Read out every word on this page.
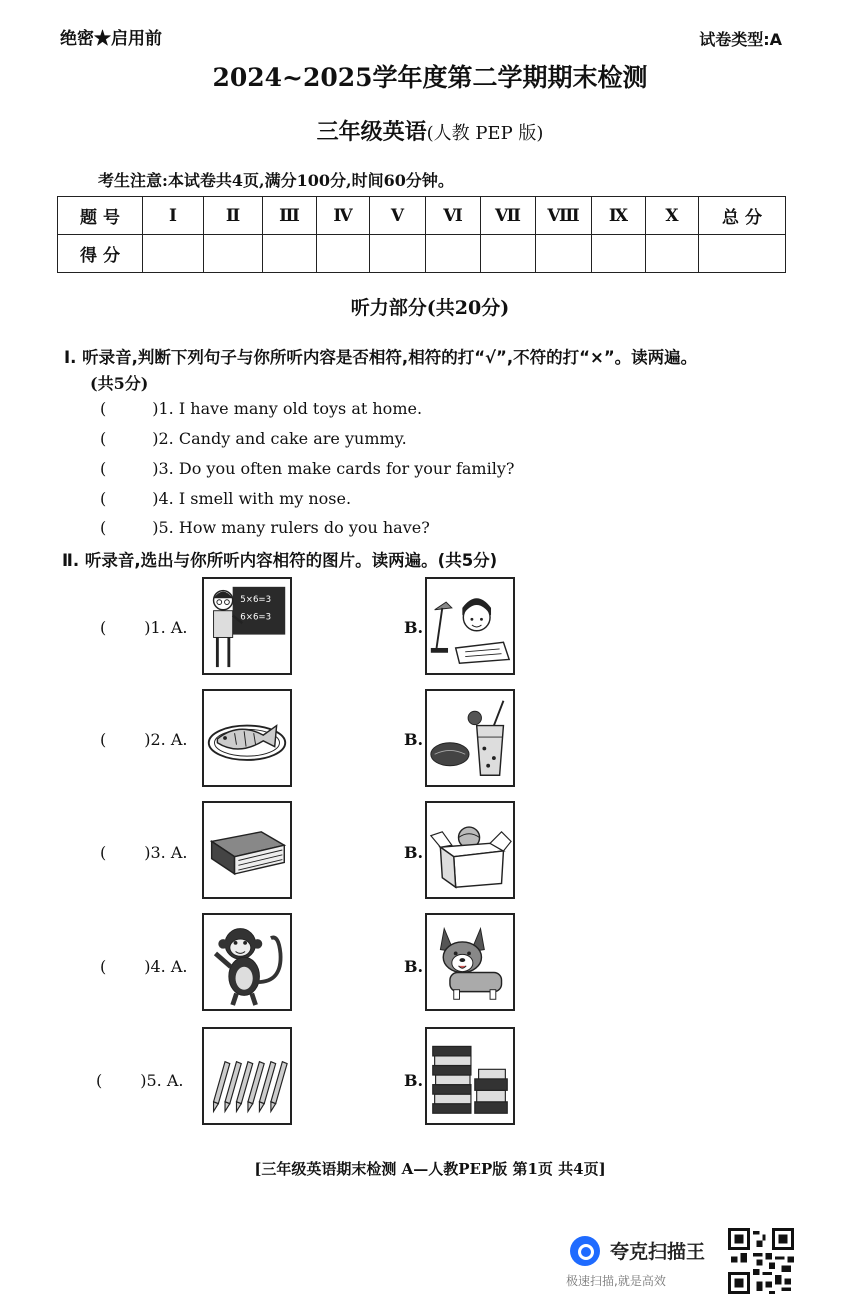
绝密★启用前	试卷类型:A
2024~2025学年度第二学期期末检测
三年级英语(人教 PEP 版)
考生注意:本试卷共4页,满分100分,时间60分钟。
题 号	Ⅰ	Ⅱ	Ⅲ	Ⅳ	Ⅴ	Ⅵ	Ⅶ	Ⅷ	Ⅸ	Ⅹ	总 分
得 分											
听力部分(共20分)
Ⅰ. 听录音,判断下列句子与你所听内容是否相符,相符的打“√”,不符的打“×”。读两遍。
(共5分)
(	)1. I have many old toys at home.
(	)2. Candy and cake are yummy.
(	)3. Do you often make cards for your family?
(	)4. I smell with my nose.
(	)5. How many rulers do you have?
Ⅱ. 听录音,选出与你所听内容相符的图片。读两遍。(共5分)
( )1. A.
5×6=3
6×6=3
B.
( )2. A.	B.
( )3. A.	B.
( )4. A.	B.
( )5. A.	B.
[三年级英语期末检测 A—人教PEP版 第1页 共4页]
夸克扫描王
极速扫描,就是高效
